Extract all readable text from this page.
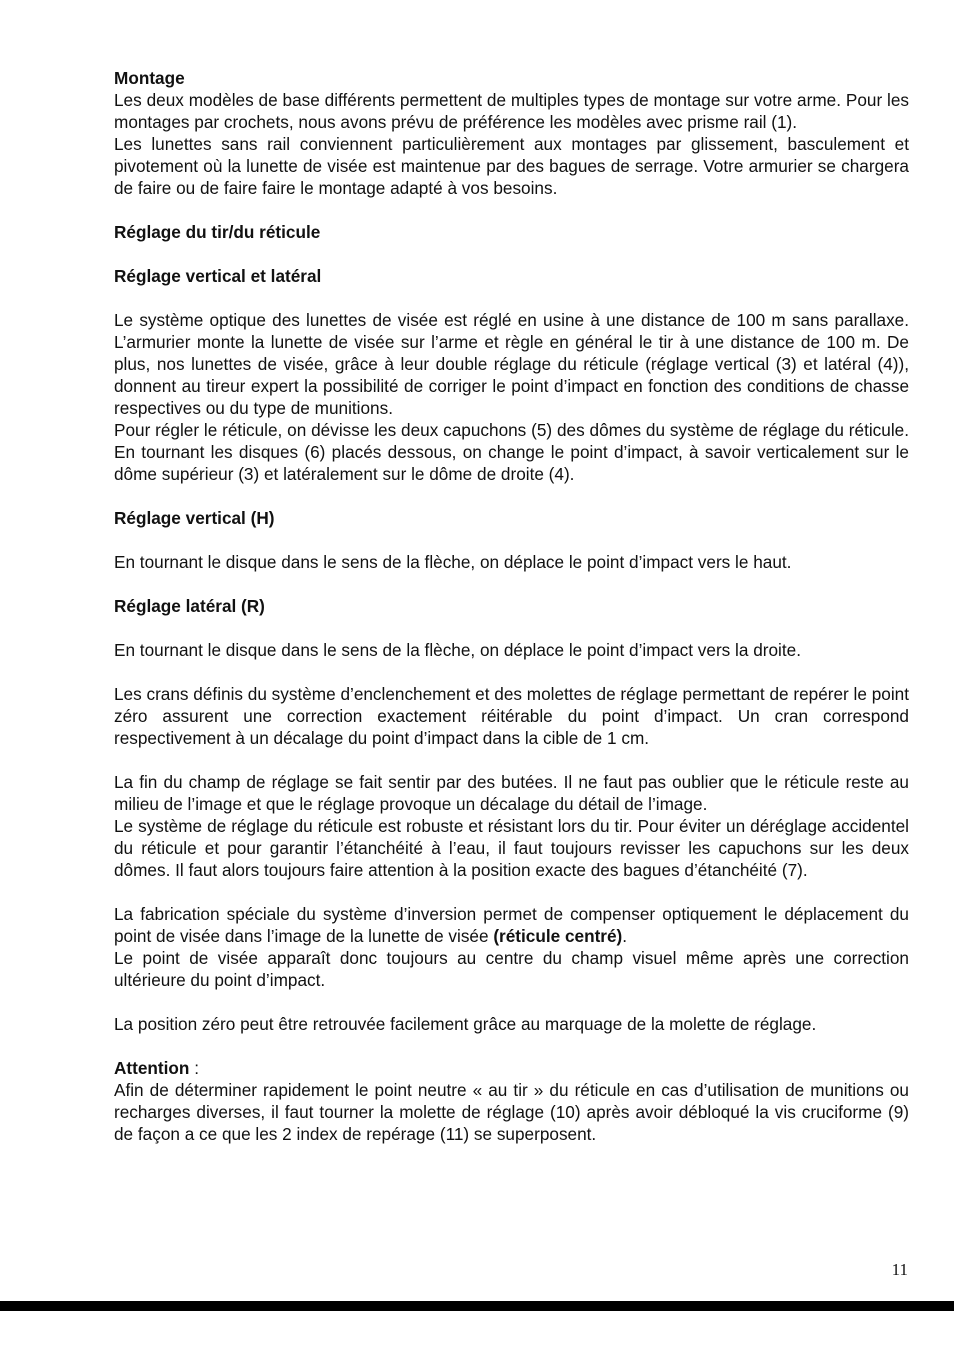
Montage

Les deux modèles de base différents permettent de multiples types de montage sur votre arme. Pour les montages par crochets, nous avons prévu de préférence les modèles avec prisme rail (1).

Les lunettes sans rail conviennent particulièrement aux montages par glissement, basculement et pivotement où la lunette de visée est maintenue par des bagues de serrage. Votre armurier se chargera de faire ou de faire faire le montage adapté à vos besoins.

Réglage du tir/du réticule

Réglage vertical et latéral

Le système optique des lunettes de visée est réglé en usine à une distance de 100 m sans parallaxe. L’armurier monte la lunette de visée sur l’arme et règle en général le tir à une distance de 100 m. De plus, nos lunettes de visée, grâce à leur double réglage du réticule (réglage vertical (3) et latéral (4)), donnent au tireur expert la possibilité de corriger le point d’impact en fonction des conditions de chasse respectives ou du type de munitions.

Pour régler le réticule, on dévisse les deux capuchons (5) des dômes du système de réglage du réticule. En tournant les disques (6) placés dessous, on change le point d’impact, à savoir verticalement sur le dôme supérieur (3) et latéralement sur le dôme de droite (4).

Réglage vertical (H)

En tournant le disque dans le sens de la flèche, on déplace le point d’impact vers le haut.

Réglage latéral (R)

En tournant le disque dans le sens de la flèche, on déplace le point d’impact vers la droite.

Les crans définis du système d’enclenchement et des molettes de réglage permettant de repérer le point zéro assurent une correction exactement réitérable du point d’impact. Un cran correspond respectivement à un décalage du point d’impact dans la cible de 1 cm.

La fin du champ de réglage se fait sentir par des butées. Il ne faut pas oublier que le réticule reste au milieu de l’image et que le réglage provoque un décalage du détail de l’image.

Le système de réglage du réticule est robuste et résistant lors du tir. Pour éviter un déréglage accidentel du réticule et pour garantir l’étanchéité à l’eau, il faut toujours revisser les capuchons sur les deux dômes. Il faut alors toujours faire attention à la position exacte des bagues d’étanchéité (7).

La fabrication spéciale du système d’inversion permet de compenser optiquement le déplacement du point de visée dans l’image de la lunette de visée (réticule centré).

Le point de visée apparaît donc toujours au centre du champ visuel même après une correction ultérieure du point d’impact.

La position zéro peut être retrouvée facilement grâce au marquage de la molette de réglage.

Attention :

Afin de déterminer rapidement le point neutre « au tir » du réticule en cas d’utilisation de munitions ou recharges diverses, il faut tourner la molette de réglage (10) après avoir débloqué la vis cruciforme (9) de façon a ce que les 2 index de repérage (11) se superposent.

11
